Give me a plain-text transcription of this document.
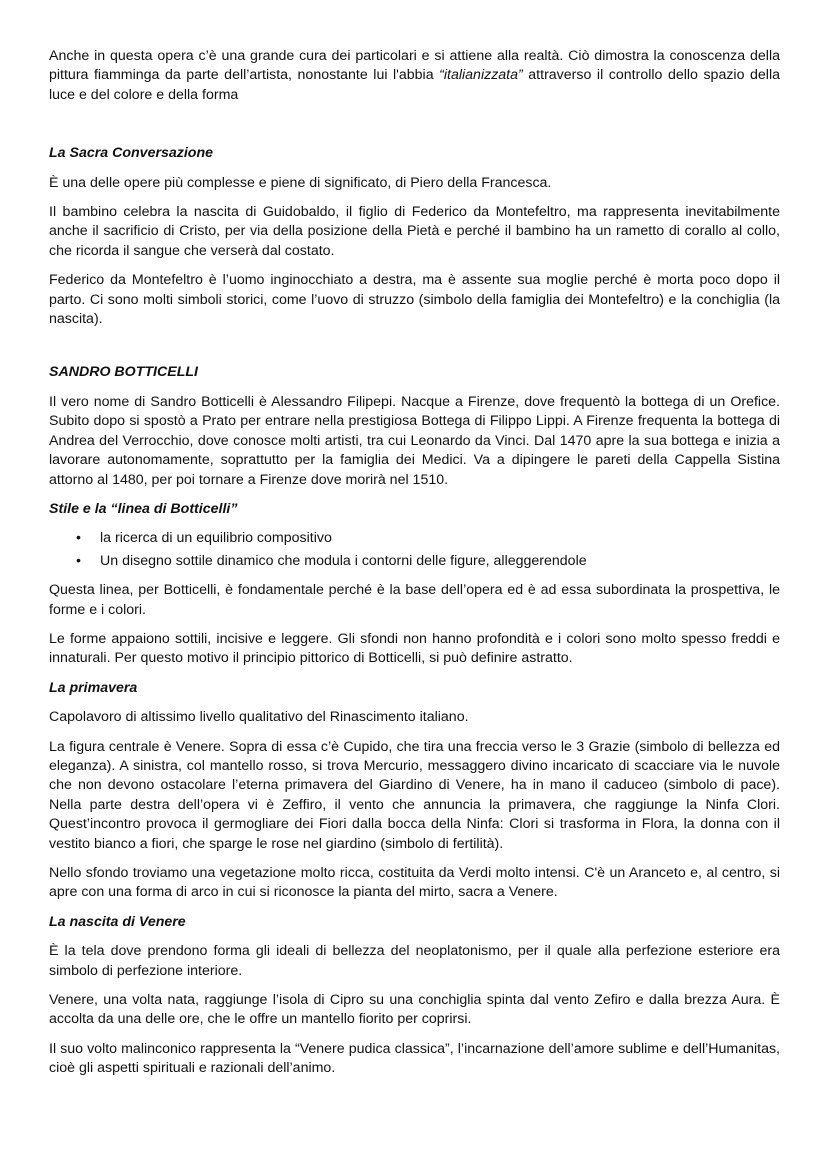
Anche in questa opera c’è una grande cura dei particolari e si attiene alla realtà. Ciò dimostra la conoscenza della pittura fiamminga da parte dell’artista, nonostante lui l'abbia “italianizzata” attraverso il controllo dello spazio della luce e del colore e della forma

La Sacra Conversazione

È una delle opere più complesse e piene di significato, di Piero della Francesca.

Il bambino celebra la nascita di Guidobaldo, il figlio di Federico da Montefeltro, ma rappresenta inevitabilmente anche il sacrificio di Cristo, per via della posizione della Pietà e perché il bambino ha un rametto di corallo al collo, che ricorda il sangue che verserà dal costato.

Federico da Montefeltro è l’uomo inginocchiato a destra, ma è assente sua moglie perché è morta poco dopo il parto. Ci sono molti simboli storici, come l’uovo di struzzo (simbolo della famiglia dei Montefeltro) e la conchiglia (la nascita).

SANDRO BOTTICELLI

Il vero nome di Sandro Botticelli è Alessandro Filipepi. Nacque a Firenze, dove frequentò la bottega di un Orefice. Subito dopo si spostò a Prato per entrare nella prestigiosa Bottega di Filippo Lippi. A Firenze frequenta la bottega di Andrea del Verrocchio, dove conosce molti artisti, tra cui Leonardo da Vinci. Dal 1470 apre la sua bottega e inizia a lavorare autonomamente, soprattutto per la famiglia dei Medici. Va a dipingere le pareti della Cappella Sistina attorno al 1480, per poi tornare a Firenze dove morirà nel 1510.

Stile e la “linea di Botticelli”
• la ricerca di un equilibrio compositivo
• Un disegno sottile dinamico che modula i contorni delle figure, alleggerendole

Questa linea, per Botticelli, è fondamentale perché è la base dell’opera ed è ad essa subordinata la prospettiva, le forme e i colori.

Le forme appaiono sottili, incisive e leggere. Gli sfondi non hanno profondità e i colori sono molto spesso freddi e innaturali. Per questo motivo il principio pittorico di Botticelli, si può definire astratto.

La primavera

Capolavoro di altissimo livello qualitativo del Rinascimento italiano.

La figura centrale è Venere. Sopra di essa c’è Cupido, che tira una freccia verso le 3 Grazie (simbolo di bellezza ed eleganza). A sinistra, col mantello rosso, si trova Mercurio, messaggero divino incaricato di scacciare via le nuvole che non devono ostacolare l’eterna primavera del Giardino di Venere, ha in mano il caduceo (simbolo di pace).     Nella parte destra dell’opera vi è Zeffiro, il vento che annuncia la primavera, che raggiunge la Ninfa Clori. Quest’incontro provoca il germogliare dei Fiori dalla bocca della Ninfa: Clori si trasforma in Flora, la donna con il vestito bianco a fiori, che sparge le rose nel giardino (simbolo di fertilità).

Nello sfondo troviamo una vegetazione molto ricca, costituita da Verdi molto intensi. C'è un Aranceto e, al centro, si apre con una forma di arco in cui si riconosce la pianta del mirto, sacra a Venere.

La nascita di Venere

È la tela dove prendono forma gli ideali di bellezza del neoplatonismo, per il quale alla perfezione esteriore era simbolo di perfezione interiore.

Venere, una volta nata, raggiunge l’isola di Cipro su una conchiglia spinta dal vento Zefiro e dalla brezza Aura. È accolta da una delle ore, che le offre un mantello fiorito per coprirsi.

Il suo volto malinconico rappresenta la “Venere pudica classica”, l’incarnazione dell’amore sublime e dell’Humanitas, cioè gli aspetti spirituali e razionali dell’animo.
